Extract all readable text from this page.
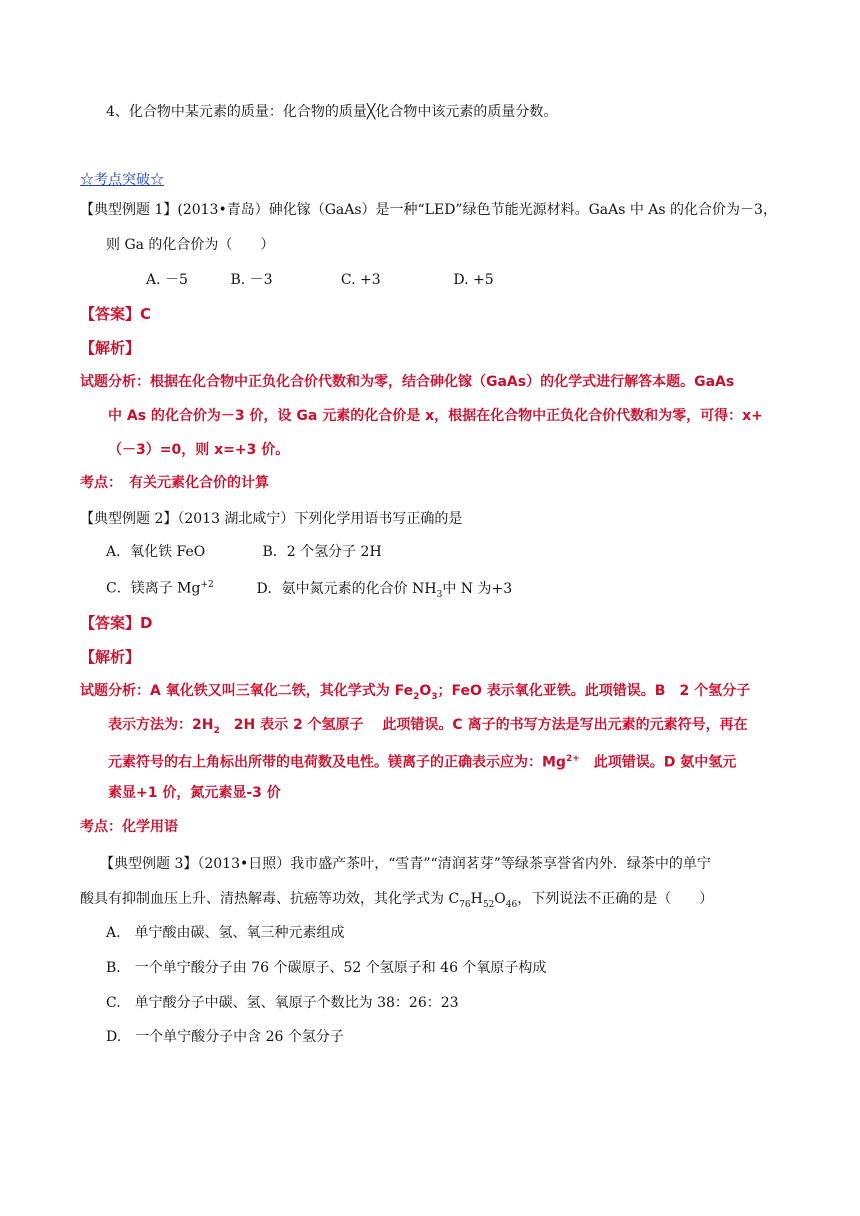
4、化合物中某元素的质量：化合物的质量╳化合物中该元素的质量分数。
☆考点突破☆
【典型例题 1】(2013•青岛）砷化镓（GaAs）是一种“LED”绿色节能光源材料。GaAs 中 As 的化合价为－3，
则 Ga 的化合价为（　　）
A. －5	B. －3	C. +3	D. +5
【答案】C
【解析】
试题分析：根据在化合物中正负化合价代数和为零，结合砷化镓（GaAs）的化学式进行解答本题。GaAs
中 As 的化合价为－3 价，设 Ga 元素的化合价是 x，根据在化合物中正负化合价代数和为零，可得：x+
（－3）=0，则 x=+3 价。
考点：　有关元素化合价的计算
【典型例题 2】（2013 湖北咸宁）下列化学用语书写正确的是
A．氧化铁 FeO	B．2 个氢分子 2H
C．镁离子 $Mg^{+2}$	D．氨中氮元素的化合价 $NH_3$中 N 为+3
【答案】D
【解析】
试题分析：A 氧化铁又叫三氧化二铁，其化学式为 $Fe_2O_3$；FeO 表示氧化亚铁。此项错误。B　2 个氢分子
表示方法为：$2H_2$　2H 表示 2 个氢原子　 此项错误。C 离子的书写方法是写出元素的元素符号，再在
元素符号的右上角标出所带的电荷数及电性。镁离子的正确表示应为：$Mg^{2+}$　此项错误。D 氨中氢元
素显+1 价，氮元素显-3 价
考点：化学用语
【典型例题 3】（2013•日照）我市盛产茶叶，“雪青”“清润茗芽”等绿茶享誉省内外．绿茶中的单宁
酸具有抑制血压上升、清热解毒、抗癌等功效，其化学式为 $C_{76}H_{52}O_{46}$，下列说法不正确的是（　　）
A.　单宁酸由碳、氢、氧三种元素组成
B.　一个单宁酸分子由 76 个碳原子、52 个氢原子和 46 个氧原子构成
C.　单宁酸分子中碳、氢、氧原子个数比为 38：26：23
D.　一个单宁酸分子中含 26 个氢分子
